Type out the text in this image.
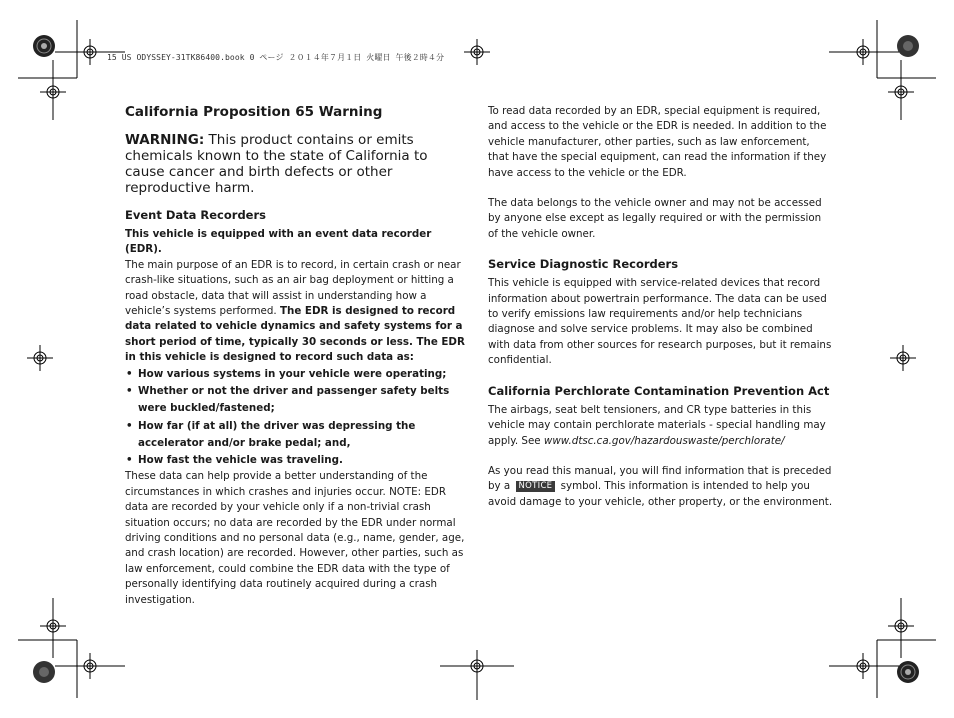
15 US ODYSSEY-31TK86400.book 0 ページ ２０１４年７月１日 火曜日 午後２時４分
California Proposition 65 Warning
WARNING: This product contains or emits chemicals known to the state of California to cause cancer and birth defects or other reproductive harm.
Event Data Recorders

This vehicle is equipped with an event data recorder (EDR).

The main purpose of an EDR is to record, in certain crash or near crash-like situations, such as an air bag deployment or hitting a road obstacle, data that will assist in understanding how a vehicle’s systems performed. The EDR is designed to record data related to vehicle dynamics and safety systems for a short period of time, typically 30 seconds or less. The EDR in this vehicle is designed to record such data as:

• How various systems in your vehicle were operating;
• Whether or not the driver and passenger safety belts were buckled/fastened;
• How far (if at all) the driver was depressing the accelerator and/or brake pedal; and,
• How fast the vehicle was traveling.

These data can help provide a better understanding of the circumstances in which crashes and injuries occur. NOTE: EDR data are recorded by your vehicle only if a non-trivial crash situation occurs; no data are recorded by the EDR under normal driving conditions and no personal data (e.g., name, gender, age, and crash location) are recorded. However, other parties, such as law enforcement, could combine the EDR data with the type of personally identifying data routinely acquired during a crash investigation.

To read data recorded by an EDR, special equipment is required, and access to the vehicle or the EDR is needed. In addition to the vehicle manufacturer, other parties, such as law enforcement, that have the special equipment, can read the information if they have access to the vehicle or the EDR.

The data belongs to the vehicle owner and may not be accessed by anyone else except as legally required or with the permission of the vehicle owner.

Service Diagnostic Recorders

This vehicle is equipped with service-related devices that record information about powertrain performance. The data can be used to verify emissions law requirements and/or help technicians diagnose and solve service problems. It may also be combined with data from other sources for research purposes, but it remains confidential.

California Perchlorate Contamination Prevention Act

The airbags, seat belt tensioners, and CR type batteries in this vehicle may contain perchlorate materials - special handling may apply. See www.dtsc.ca.gov/hazardouswaste/perchlorate/

As you read this manual, you will find information that is preceded by a NOTICE symbol. This information is intended to help you avoid damage to your vehicle, other property, or the environment.
